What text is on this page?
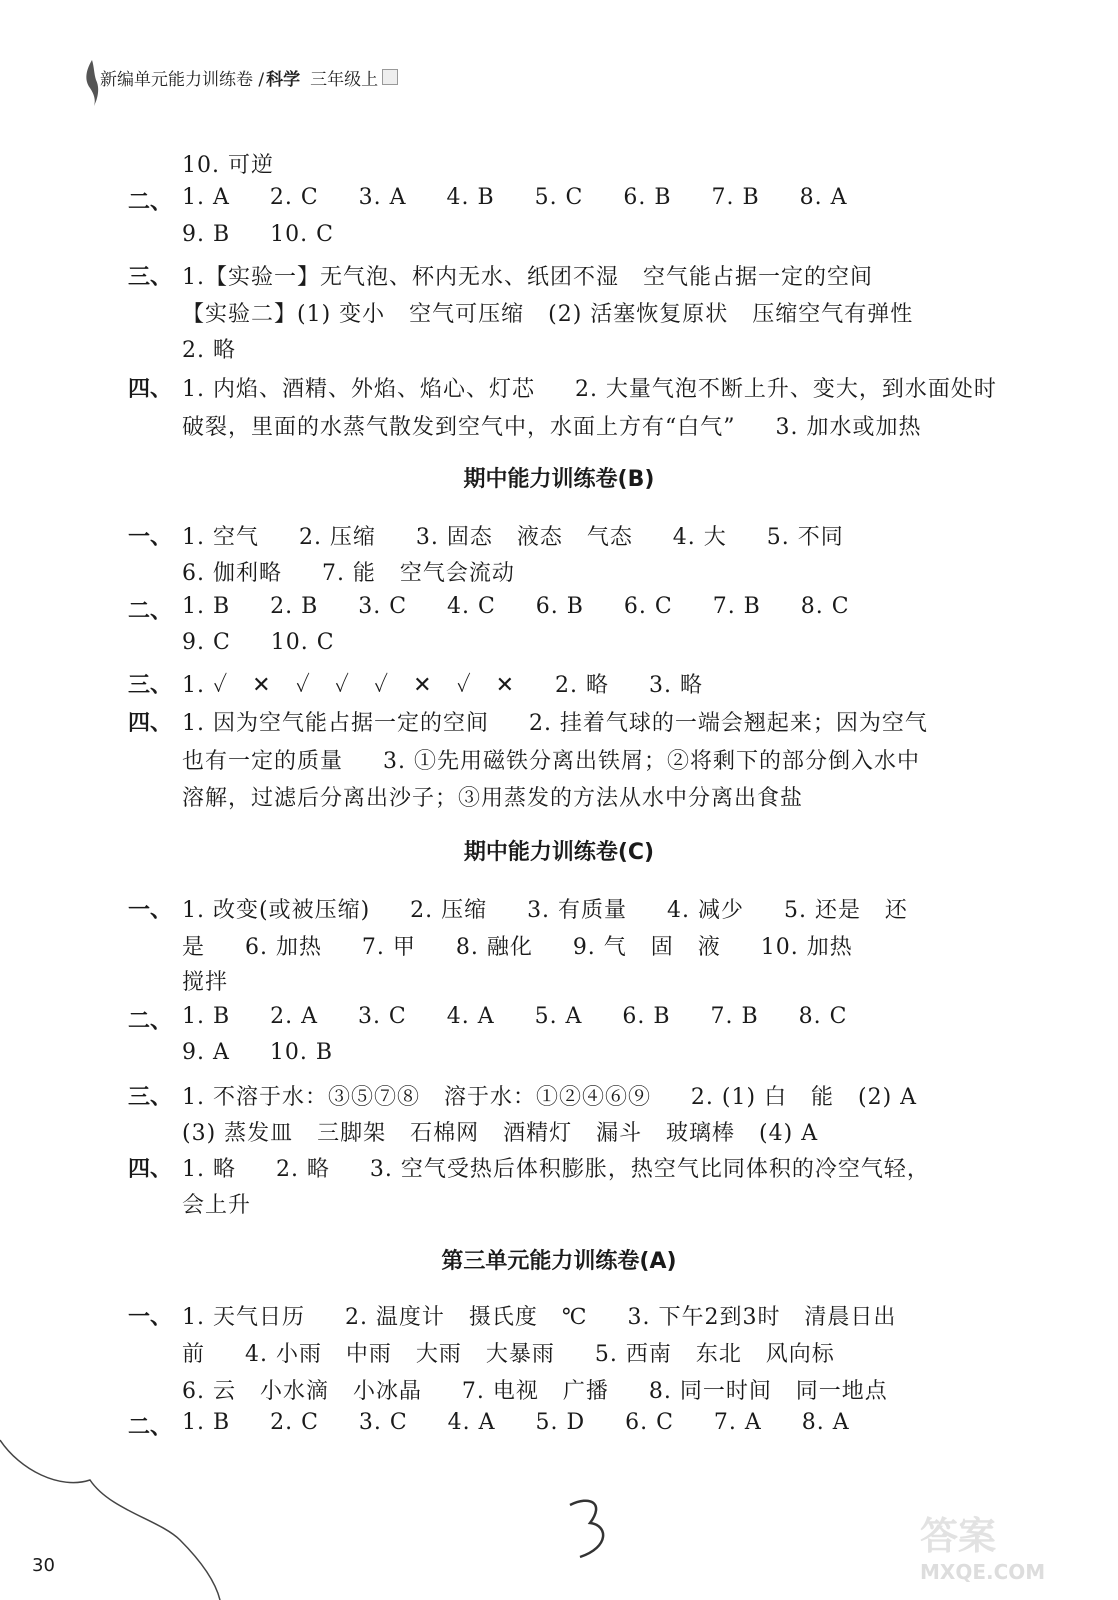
新编单元能力训练卷 / 科学 三年级上
10. 可逆
二、 1. A     2. C     3. A     4. B     5. C     6. B     7. B     8. A
9. B     10. C
三、 1.【实验一】无气泡、杯内无水、纸团不湿   空气能占据一定的空间
【实验二】(1) 变小   空气可压缩   (2) 活塞恢复原状   压缩空气有弹性
2. 略
四、 1. 内焰、酒精、外焰、焰心、灯芯     2. 大量气泡不断上升、变大，到水面处时
破裂，里面的水蒸气散发到空气中，水面上方有“白气”     3. 加水或加热
期中能力训练卷(B)
一、 1. 空气     2. 压缩     3. 固态   液态   气态     4. 大     5. 不同
6. 伽利略     7. 能   空气会流动
二、 1. B     2. B     3. C     4. C     6. B     6. C     7. B     8. C
9. C     10. C
三、 1. ✓   ✕   ✓   ✓   ✓   ✕   ✓   ✕     2. 略     3. 略
四、 1. 因为空气能占据一定的空间     2. 挂着气球的一端会翘起来；因为空气
也有一定的质量     3. ①先用磁铁分离出铁屑；②将剩下的部分倒入水中
溶解，过滤后分离出沙子；③用蒸发的方法从水中分离出食盐
期中能力训练卷(C)
一、 1. 改变(或被压缩)     2. 压缩     3. 有质量     4. 减少     5. 还是   还
是     6. 加热     7. 甲     8. 融化     9. 气   固   液     10. 加热
搅拌
二、 1. B     2. A     3. C     4. A     5. A     6. B     7. B     8. C
9. A     10. B
三、 1. 不溶于水：③⑤⑦⑧   溶于水：①②④⑥⑨     2. (1) 白   能   (2) A
(3) 蒸发皿   三脚架   石棉网   酒精灯   漏斗   玻璃棒   (4) A
四、 1. 略     2. 略     3. 空气受热后体积膨胀，热空气比同体积的冷空气轻，
会上升
第三单元能力训练卷(A)
一、 1. 天气日历     2. 温度计   摄氏度   ℃     3. 下午2到3时   清晨日出
前     4. 小雨   中雨   大雨   大暴雨     5. 西南   东北   风向标
6. 云   小水滴   小冰晶     7. 电视   广播     8. 同一时间   同一地点
二、 1. B     2. C     3. C     4. A     5. D     6. C     7. A     8. A
30
答案
MXQE.COM
